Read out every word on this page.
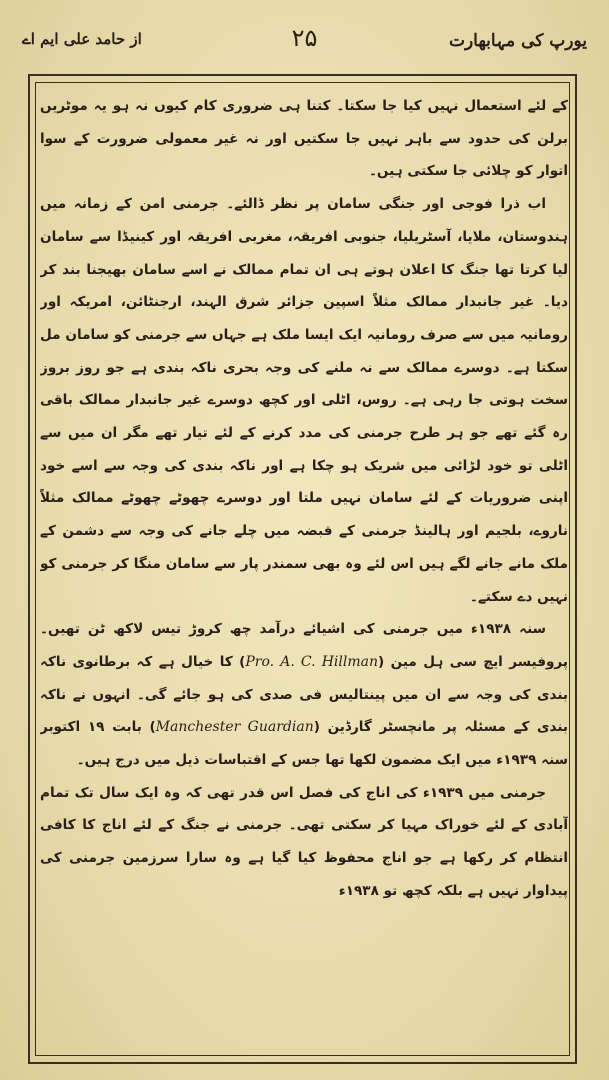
یورپ کی مہابھارت
۲۵
از حامد علی ایم اے

کے لئے استعمال نہیں کیا جا سکتا۔ کتنا ہی ضروری کام کیوں نہ ہو یہ موٹریں برلن کی حدود سے باہر نہیں جا سکتیں اور نہ غیر معمولی ضرورت کے سوا اتوار کو چلائی جا سکتی ہیں۔

اب ذرا فوجی اور جنگی سامان پر نظر ڈالئے۔ جرمنی امن کے زمانہ میں ہندوستان، ملایا، آسٹریلیا، جنوبی افریقہ، مغربی افریقہ اور کینیڈا سے سامان لیا کرتا تھا جنگ کا اعلان ہوتے ہی ان تمام ممالک نے اسے سامان بھیجنا بند کر دیا۔ غیر جانبدار ممالک مثلاً اسپین جزائر شرق الہند، ارجنٹائن، امریکہ اور رومانیہ میں سے صرف رومانیہ ایک ایسا ملک ہے جہاں سے جرمنی کو سامان مل سکتا ہے۔ دوسرے ممالک سے نہ ملنے کی وجہ بحری ناکہ بندی ہے جو روز بروز سخت ہوتی جا رہی ہے۔ روس، اٹلی اور کچھ دوسرے غیر جانبدار ممالک باقی رہ گئے تھے جو ہر طرح جرمنی کی مدد کرنے کے لئے تیار تھے مگر ان میں سے اٹلی تو خود لڑائی میں شریک ہو چکا ہے اور ناکہ بندی کی وجہ سے اسے خود اپنی ضروریات کے لئے سامان نہیں ملتا اور دوسرے چھوٹے چھوٹے ممالک مثلاً ناروے، بلجیم اور ہالینڈ جرمنی کے قبضہ میں چلے جانے کی وجہ سے دشمن کے ملک مانے جانے لگے ہیں اس لئے وہ بھی سمندر پار سے سامان منگا کر جرمنی کو نہیں دے سکتے۔

سنہ ۱۹۳۸ء میں جرمنی کی اشیائے درآمد چھ کروڑ تیس لاکھ ٹن تھیں۔ پروفیسر ایچ سی ہل مین (Pro. A. C. Hillman) کا خیال ہے کہ برطانوی ناکہ بندی کی وجہ سے ان میں پینتالیس فی صدی کی ہو جائے گی۔ انہوں نے ناکہ بندی کے مسئلہ پر مانچسٹر گارڈین (Manchester Guardian) بابت ۱۹ اکتوبر سنہ ۱۹۳۹ء میں ایک مضمون لکھا تھا جس کے اقتباسات ذیل میں درج ہیں۔

جرمنی میں ۱۹۳۹ء کی اناج کی فصل اس قدر تھی کہ وہ ایک سال تک تمام آبادی کے لئے خوراک مہیا کر سکتی تھی۔ جرمنی نے جنگ کے لئے اناج کا کافی انتظام کر رکھا ہے جو اناج محفوظ کیا گیا ہے وہ سارا سرزمین جرمنی کی پیداوار نہیں ہے بلکہ کچھ تو ۱۹۳۸ء
